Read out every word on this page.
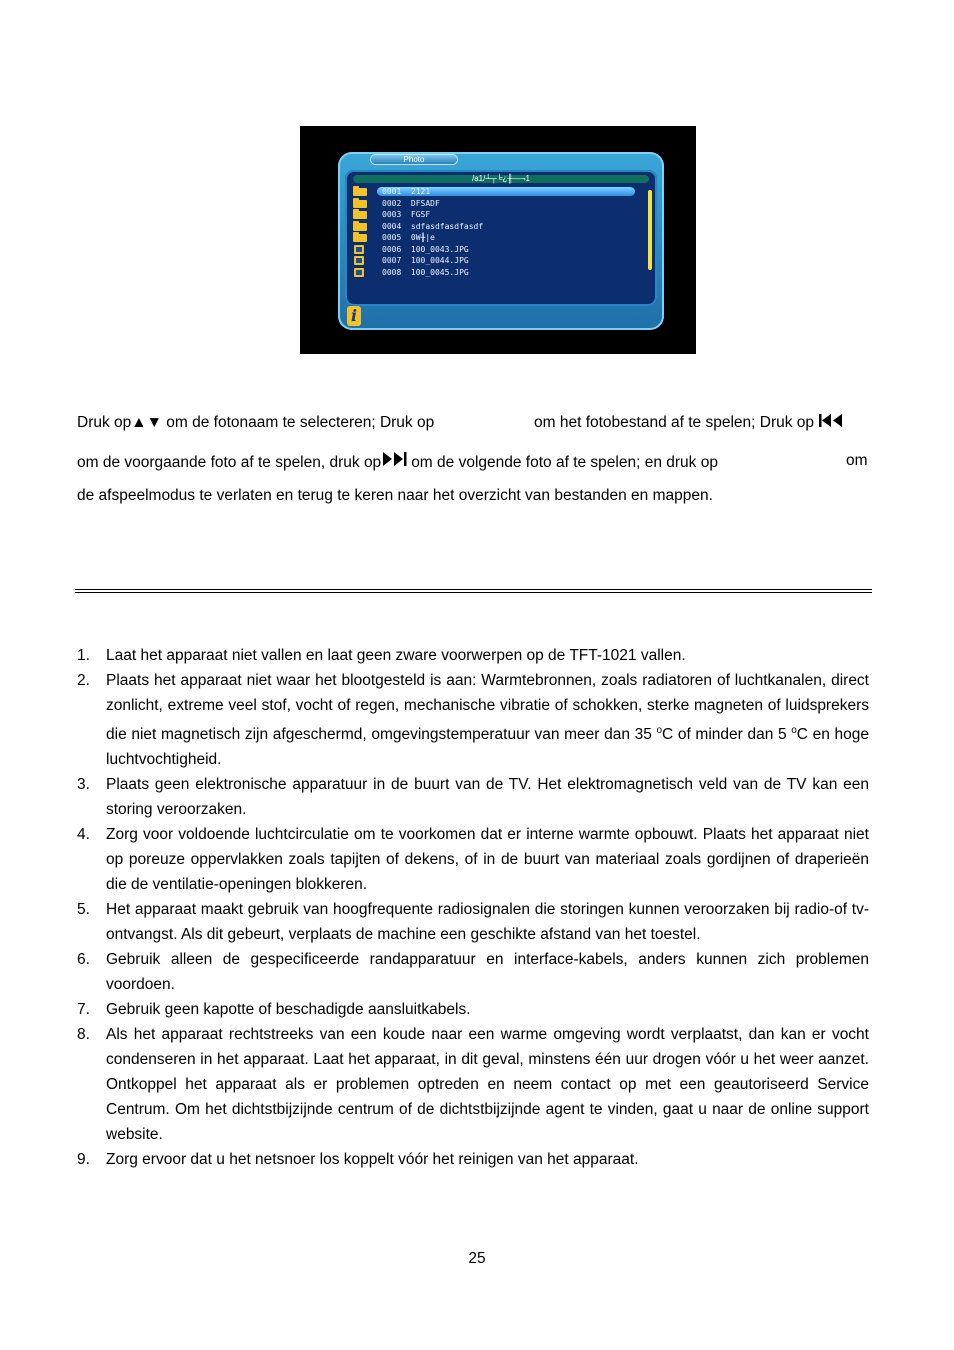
Photo
/a1/┴┬╘¿╫—¬1
0001  2121
0002  DFSADF
0003  FGSF
0004  sdfasdfasdfasdf
0005  0W╫|e
0006  100_0043.JPG
0007  100_0044.JPG
0008  100_0045.JPG
i
Druk op▲▼ om de fotonaam te selecteren; Druk op	om het fotobestand af te spelen; Druk op
om de voorgaande foto af te spelen, druk op om de volgende foto af te spelen; en druk op	om
de afspeelmodus te verlaten en terug te keren naar het overzicht van bestanden en mappen.
1. Laat het apparaat niet vallen en laat geen zware voorwerpen op de TFT-1021 vallen.
2. Plaats het apparaat niet waar het blootgesteld is aan: Warmtebronnen, zoals radiatoren of luchtkanalen, direct zonlicht, extreme veel stof, vocht of regen, mechanische vibratie of schokken, sterke magneten of luidsprekers die niet magnetisch zijn afgeschermd, omgevingstemperatuur van meer dan 35 $^o$C of minder dan 5 $^o$C en hoge luchtvochtigheid.
3. Plaats geen elektronische apparatuur in de buurt van de TV. Het elektromagnetisch veld van de TV kan een storing veroorzaken.
4. Zorg voor voldoende luchtcirculatie om te voorkomen dat er interne warmte opbouwt. Plaats het apparaat niet op poreuze oppervlakken zoals tapijten of dekens, of in de buurt van materiaal zoals gordijnen of draperieën die de ventilatie-openingen blokkeren.
5. Het apparaat maakt gebruik van hoogfrequente radiosignalen die storingen kunnen veroorzaken bij radio-of tv-ontvangst. Als dit gebeurt, verplaats de machine een geschikte afstand van het toestel.
6. Gebruik alleen de gespecificeerde randapparatuur en interface-kabels, anders kunnen zich problemen voordoen.
7. Gebruik geen kapotte of beschadigde aansluitkabels.
8. Als het apparaat rechtstreeks van een koude naar een warme omgeving wordt verplaatst, dan kan er vocht condenseren in het apparaat. Laat het apparaat, in dit geval, minstens één uur drogen vóór u het weer aanzet. Ontkoppel het apparaat als er problemen optreden en neem contact op met een geautoriseerd Service Centrum. Om het dichtstbijzijnde centrum of de dichtstbijzijnde agent te vinden, gaat u naar de online support website.
9. Zorg ervoor dat u het netsnoer los koppelt vóór het reinigen van het apparaat.
25
